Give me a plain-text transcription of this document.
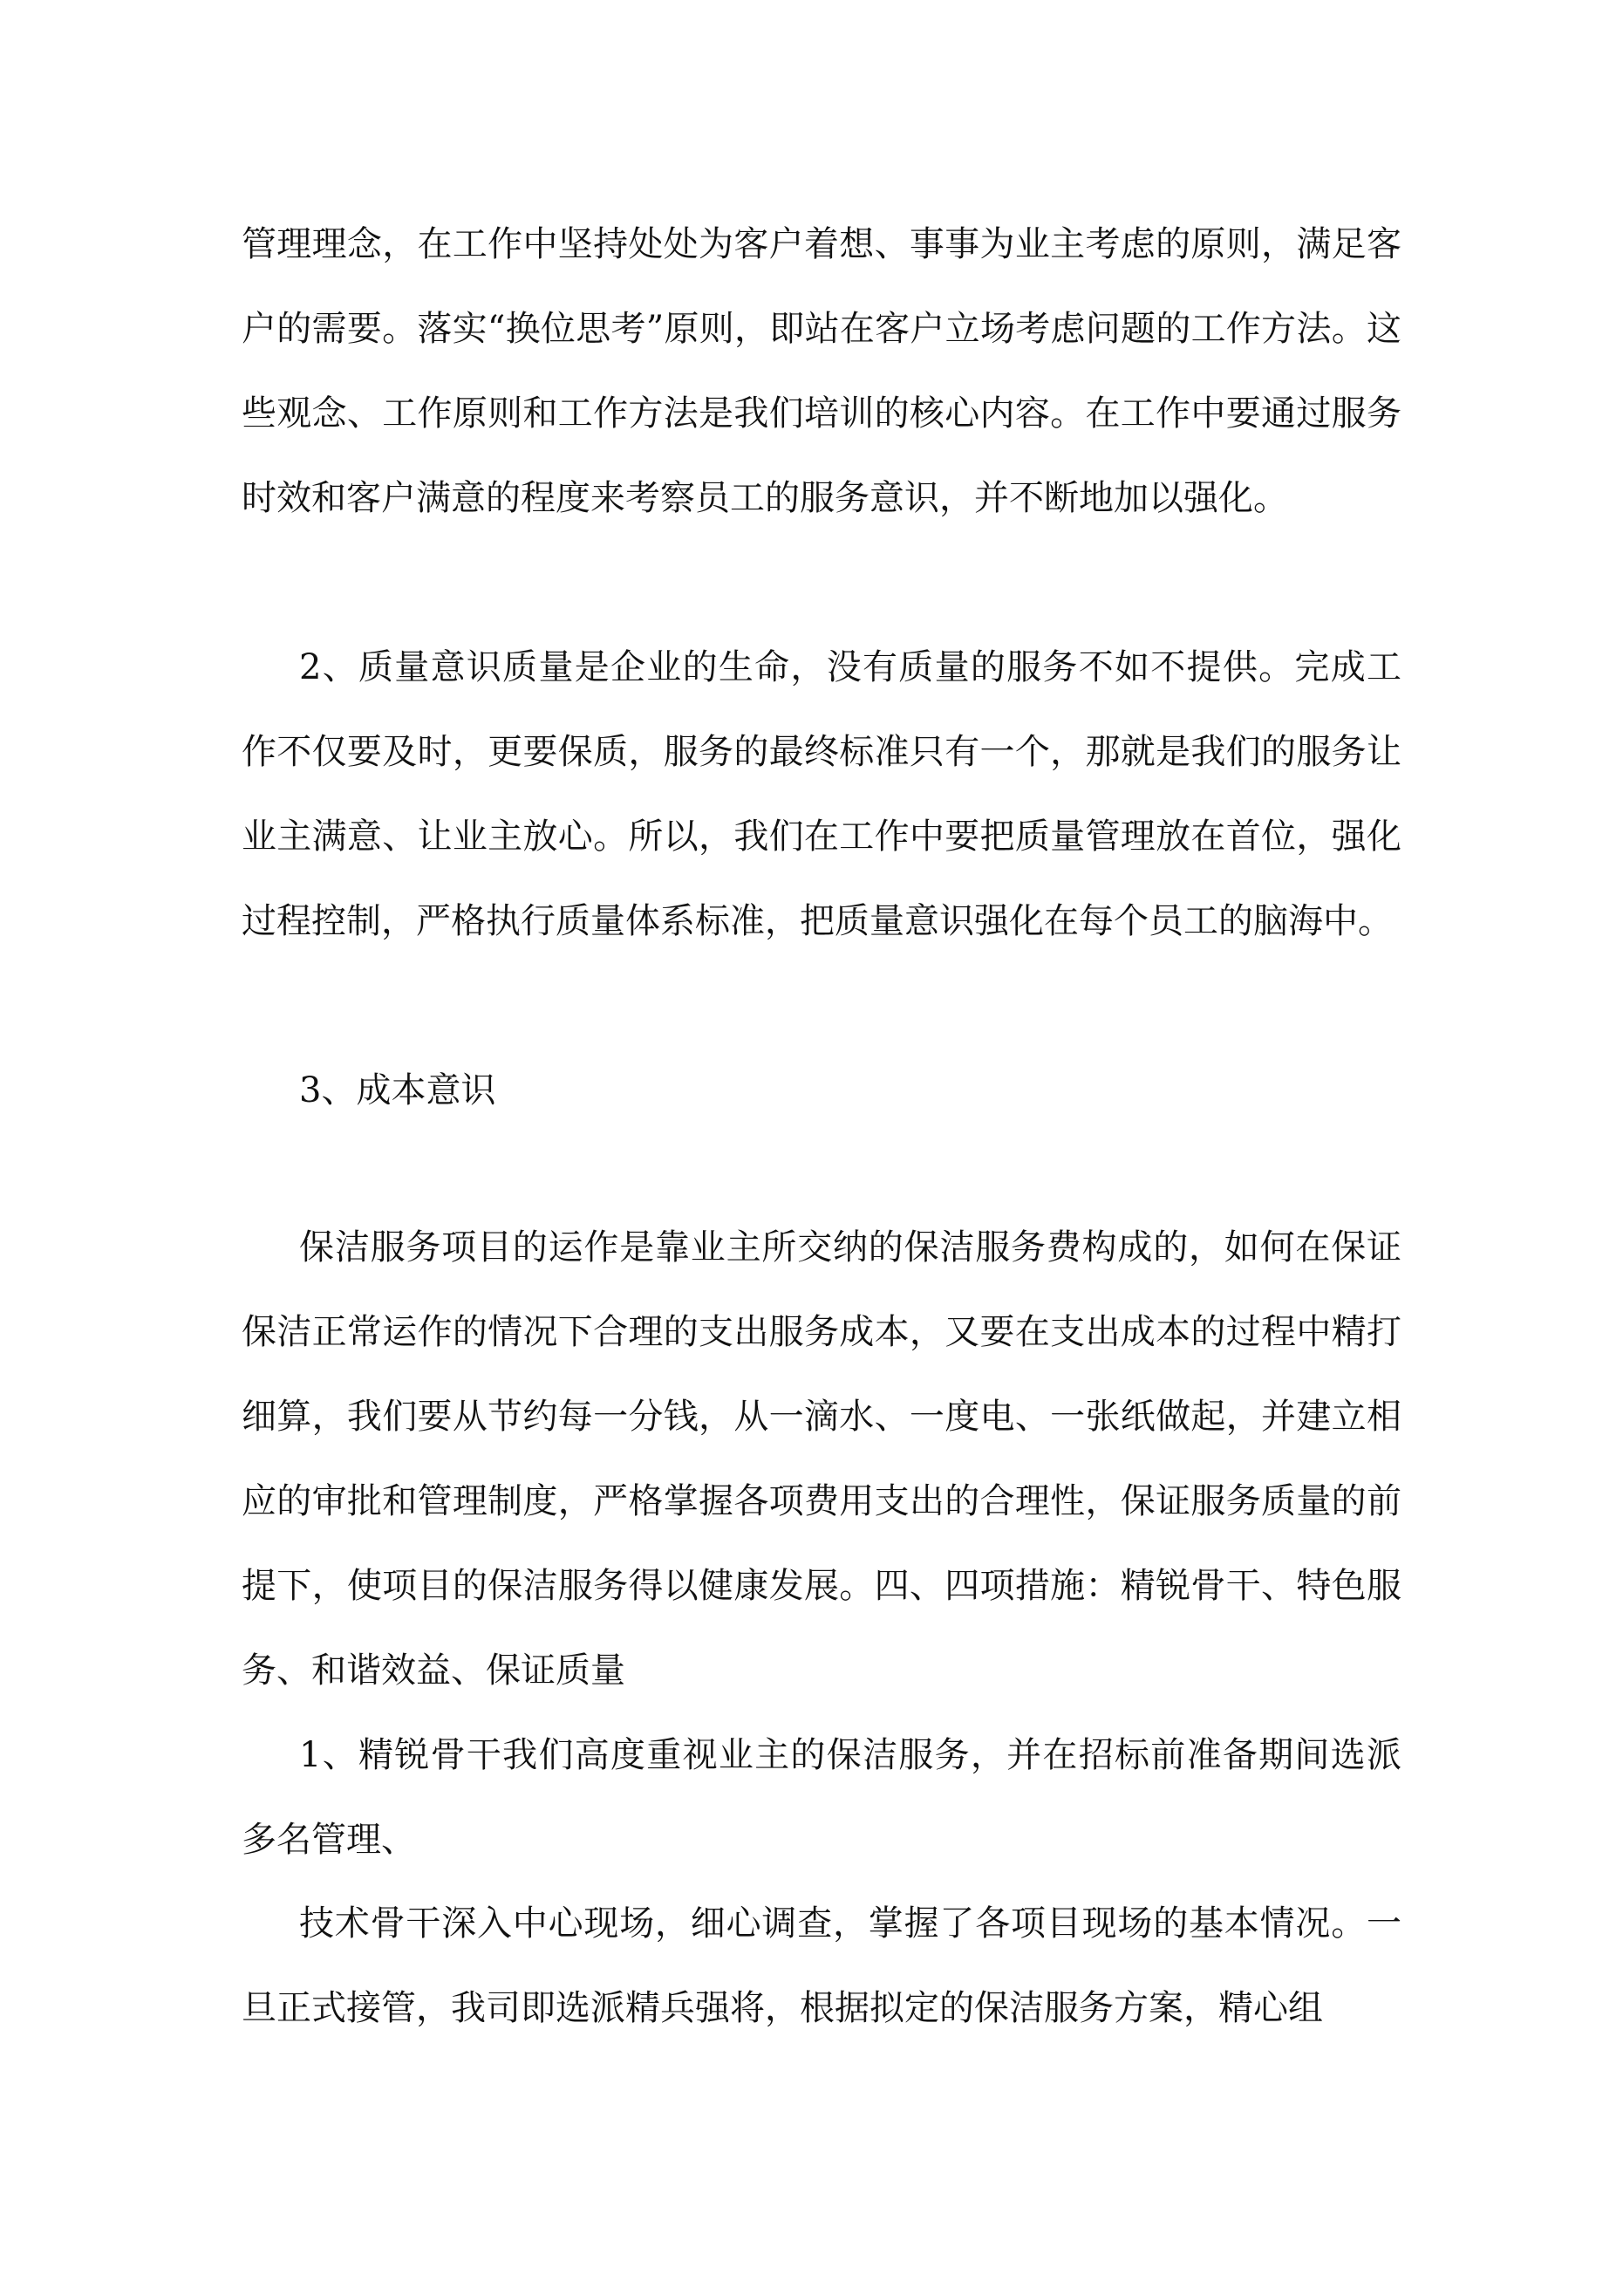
管理理念，在工作中坚持处处为客户着想、事事为业主考虑的原则，满足客户的需要。落实“换位思考”原则，即站在客户立场考虑问题的工作方法。这些观念、工作原则和工作方法是我们培训的核心内容。在工作中要通过服务时效和客户满意的程度来考察员工的服务意识，并不断地加以强化。

2、质量意识质量是企业的生命，没有质量的服务不如不提供。完成工作不仅要及时，更要保质，服务的最终标准只有一个，那就是我们的服务让业主满意、让业主放心。所以，我们在工作中要把质量管理放在首位，强化过程控制，严格执行质量体系标准，把质量意识强化在每个员工的脑海中。

3、成本意识

保洁服务项目的运作是靠业主所交纳的保洁服务费构成的，如何在保证保洁正常运作的情况下合理的支出服务成本，又要在支出成本的过程中精打细算，我们要从节约每一分钱，从一滴水、一度电、一张纸做起，并建立相应的审批和管理制度，严格掌握各项费用支出的合理性，保证服务质量的前提下，使项目的保洁服务得以健康发展。四、四项措施：精锐骨干、特色服务、和谐效益、保证质量

1、精锐骨干我们高度重视业主的保洁服务，并在招标前准备期间选派多名管理、

技术骨干深入中心现场，细心调查，掌握了各项目现场的基本情况。一旦正式接管，我司即选派精兵强将，根据拟定的保洁服务方案，精心组
